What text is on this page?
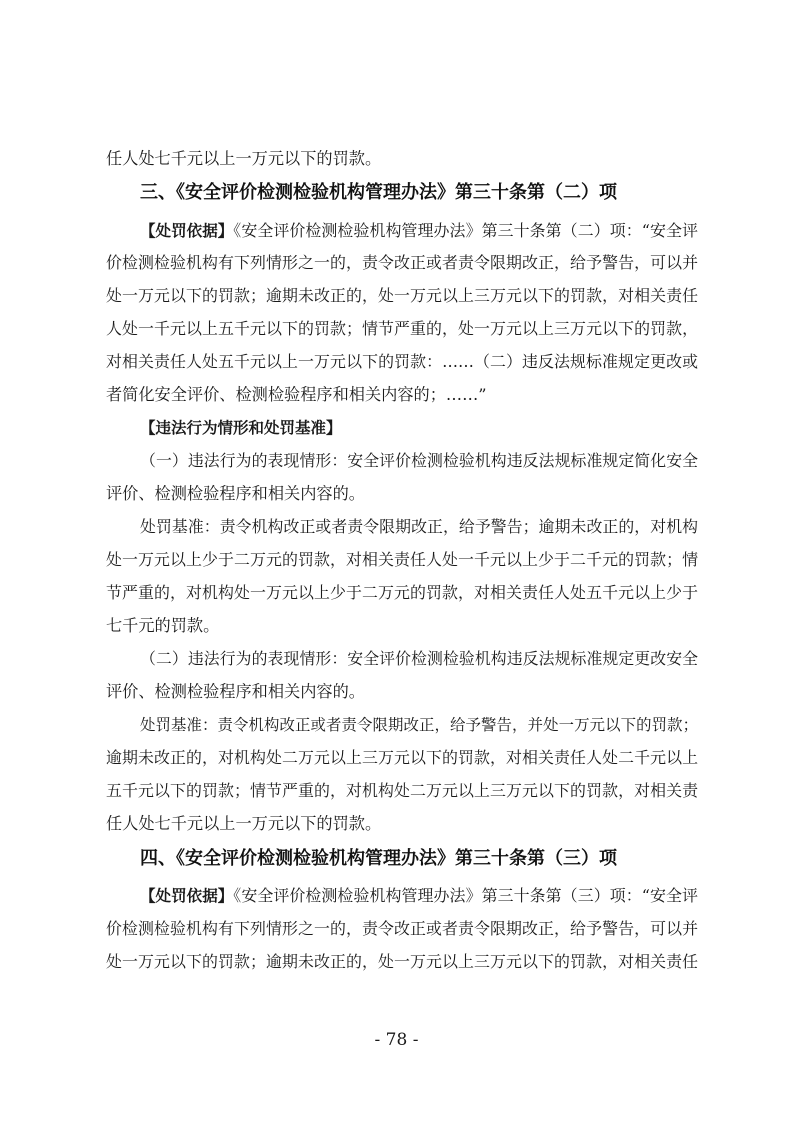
任人处七千元以上一万元以下的罚款。
三、《安全评价检测检验机构管理办法》第三十条第（二）项
【处罚依据】《安全评价检测检验机构管理办法》第三十条第（二）项：“安全评
价检测检验机构有下列情形之一的，责令改正或者责令限期改正，给予警告，可以并
处一万元以下的罚款；逾期未改正的，处一万元以上三万元以下的罚款，对相关责任
人处一千元以上五千元以下的罚款；情节严重的，处一万元以上三万元以下的罚款，
对相关责任人处五千元以上一万元以下的罚款：……（二）违反法规标准规定更改或
者简化安全评价、检测检验程序和相关内容的；……”
【违法行为情形和处罚基准】
（一）违法行为的表现情形：安全评价检测检验机构违反法规标准规定简化安全
评价、检测检验程序和相关内容的。
处罚基准：责令机构改正或者责令限期改正，给予警告；逾期未改正的，对机构
处一万元以上少于二万元的罚款，对相关责任人处一千元以上少于二千元的罚款；情
节严重的，对机构处一万元以上少于二万元的罚款，对相关责任人处五千元以上少于
七千元的罚款。
（二）违法行为的表现情形：安全评价检测检验机构违反法规标准规定更改安全
评价、检测检验程序和相关内容的。
处罚基准：责令机构改正或者责令限期改正，给予警告，并处一万元以下的罚款；
逾期未改正的，对机构处二万元以上三万元以下的罚款，对相关责任人处二千元以上
五千元以下的罚款；情节严重的，对机构处二万元以上三万元以下的罚款，对相关责
任人处七千元以上一万元以下的罚款。
四、《安全评价检测检验机构管理办法》第三十条第（三）项
【处罚依据】《安全评价检测检验机构管理办法》第三十条第（三）项：“安全评
价检测检验机构有下列情形之一的，责令改正或者责令限期改正，给予警告，可以并
处一万元以下的罚款；逾期未改正的，处一万元以上三万元以下的罚款，对相关责任
- 78 -
